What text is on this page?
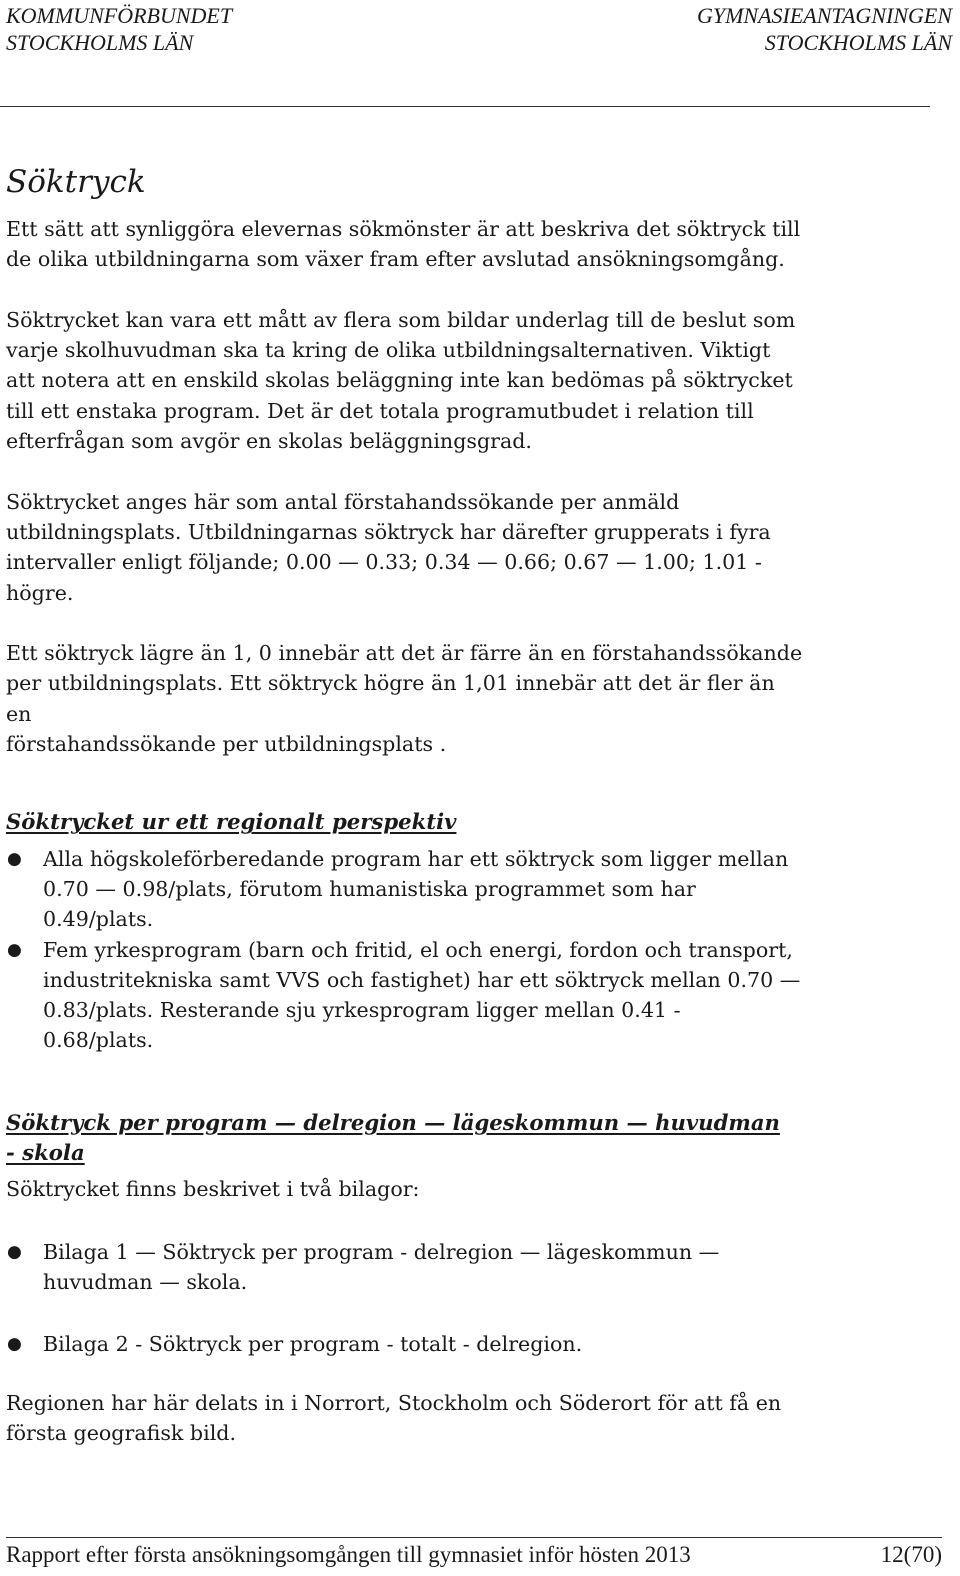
KOMMUNFÖRBUNDET
STOCKHOLMS LÄN
GYMNASIEANTAGNINGEN
STOCKHOLMS LÄN
Söktryck

Ett sätt att synliggöra elevernas sökmönster är att beskriva det söktryck till

de olika utbildningarna som växer fram efter avslutad ansökningsomgång.

Söktrycket kan vara ett mått av flera som bildar underlag till de beslut som

varje skolhuvudman ska ta kring de olika utbildningsalternativen. Viktigt

att notera att en enskild skolas beläggning inte kan bedömas på söktrycket

till ett enstaka program. Det är det totala programutbudet i relation till

efterfrågan som avgör en skolas beläggningsgrad.

Söktrycket anges här som antal förstahandssökande per anmäld

utbildningsplats. Utbildningarnas söktryck har därefter grupperats i fyra

intervaller enligt följande; 0.00 — 0.33; 0.34 — 0.66; 0.67 — 1.00; 1.01 -

högre.

Ett söktryck lägre än 1, 0 innebär att det är färre än en förstahandssökande

per utbildningsplats. Ett söktryck högre än 1,01 innebär att det är fler än en

förstahandssökande per utbildningsplats .

Söktrycket ur ett regionalt perspektiv
● Alla högskoleförberedande program har ett söktryck som ligger mellan
0.70 — 0.98/plats, förutom humanistiska programmet som har
0.49/plats.
● Fem yrkesprogram (barn och fritid, el och energi, fordon och transport,
industritekniska samt VVS och fastighet) har ett söktryck mellan 0.70 —
0.83/plats. Resterande sju yrkesprogram ligger mellan 0.41 -
0.68/plats.
Söktryck per program — delregion — lägeskommun — huvudman
- skola

Söktrycket finns beskrivet i två bilagor:

● Bilaga 1 — Söktryck per program - delregion — lägeskommun —
huvudman — skola.
● Bilaga 2 - Söktryck per program - totalt - delregion.

Regionen har här delats in i Norrort, Stockholm och Söderort för att få en

första geografisk bild.

Rapport efter första ansökningsomgången till gymnasiet inför hösten 2013	12(70)
